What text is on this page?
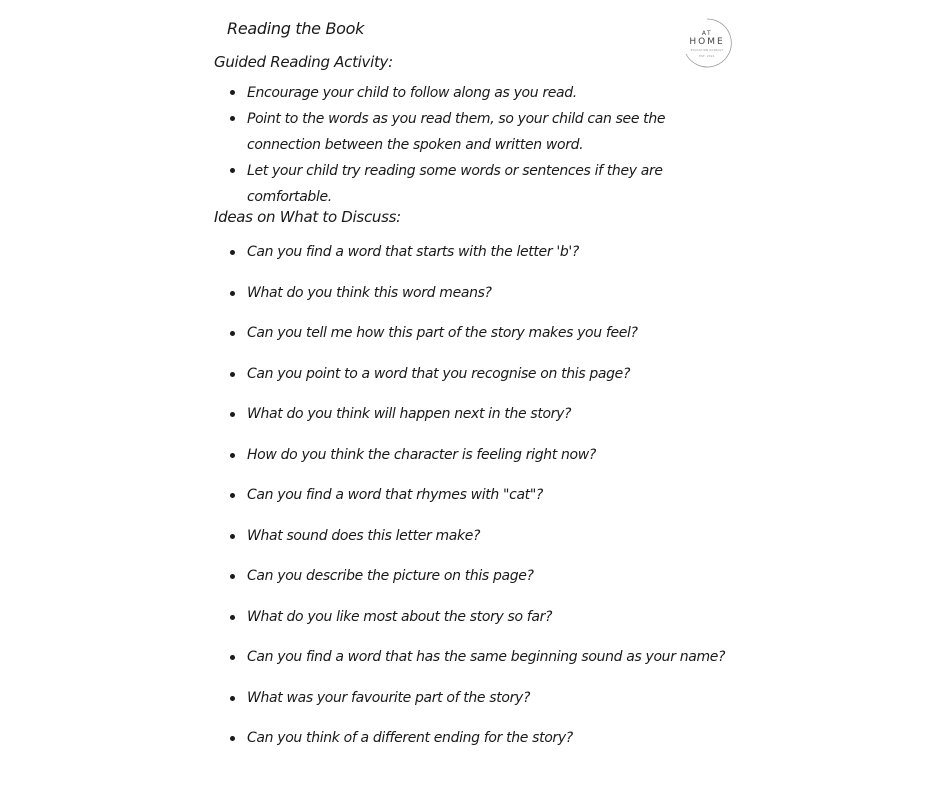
Reading the Book	AT
HOME
EDUCATION CONSULT
EST. 2024
Guided Reading Activity:
Encourage your child to follow along as you read.
Point to the words as you read them, so your child can see the connection between the spoken and written word.
Let your child try reading some words or sentences if they are comfortable.
Ideas on What to Discuss:
Can you find a word that starts with the letter 'b'?
What do you think this word means?
Can you tell me how this part of the story makes you feel?
Can you point to a word that you recognise on this page?
What do you think will happen next in the story?
How do you think the character is feeling right now?
Can you find a word that rhymes with "cat"?
What sound does this letter make?
Can you describe the picture on this page?
What do you like most about the story so far?
Can you find a word that has the same beginning sound as your name?
What was your favourite part of the story?
Can you think of a different ending for the story?
